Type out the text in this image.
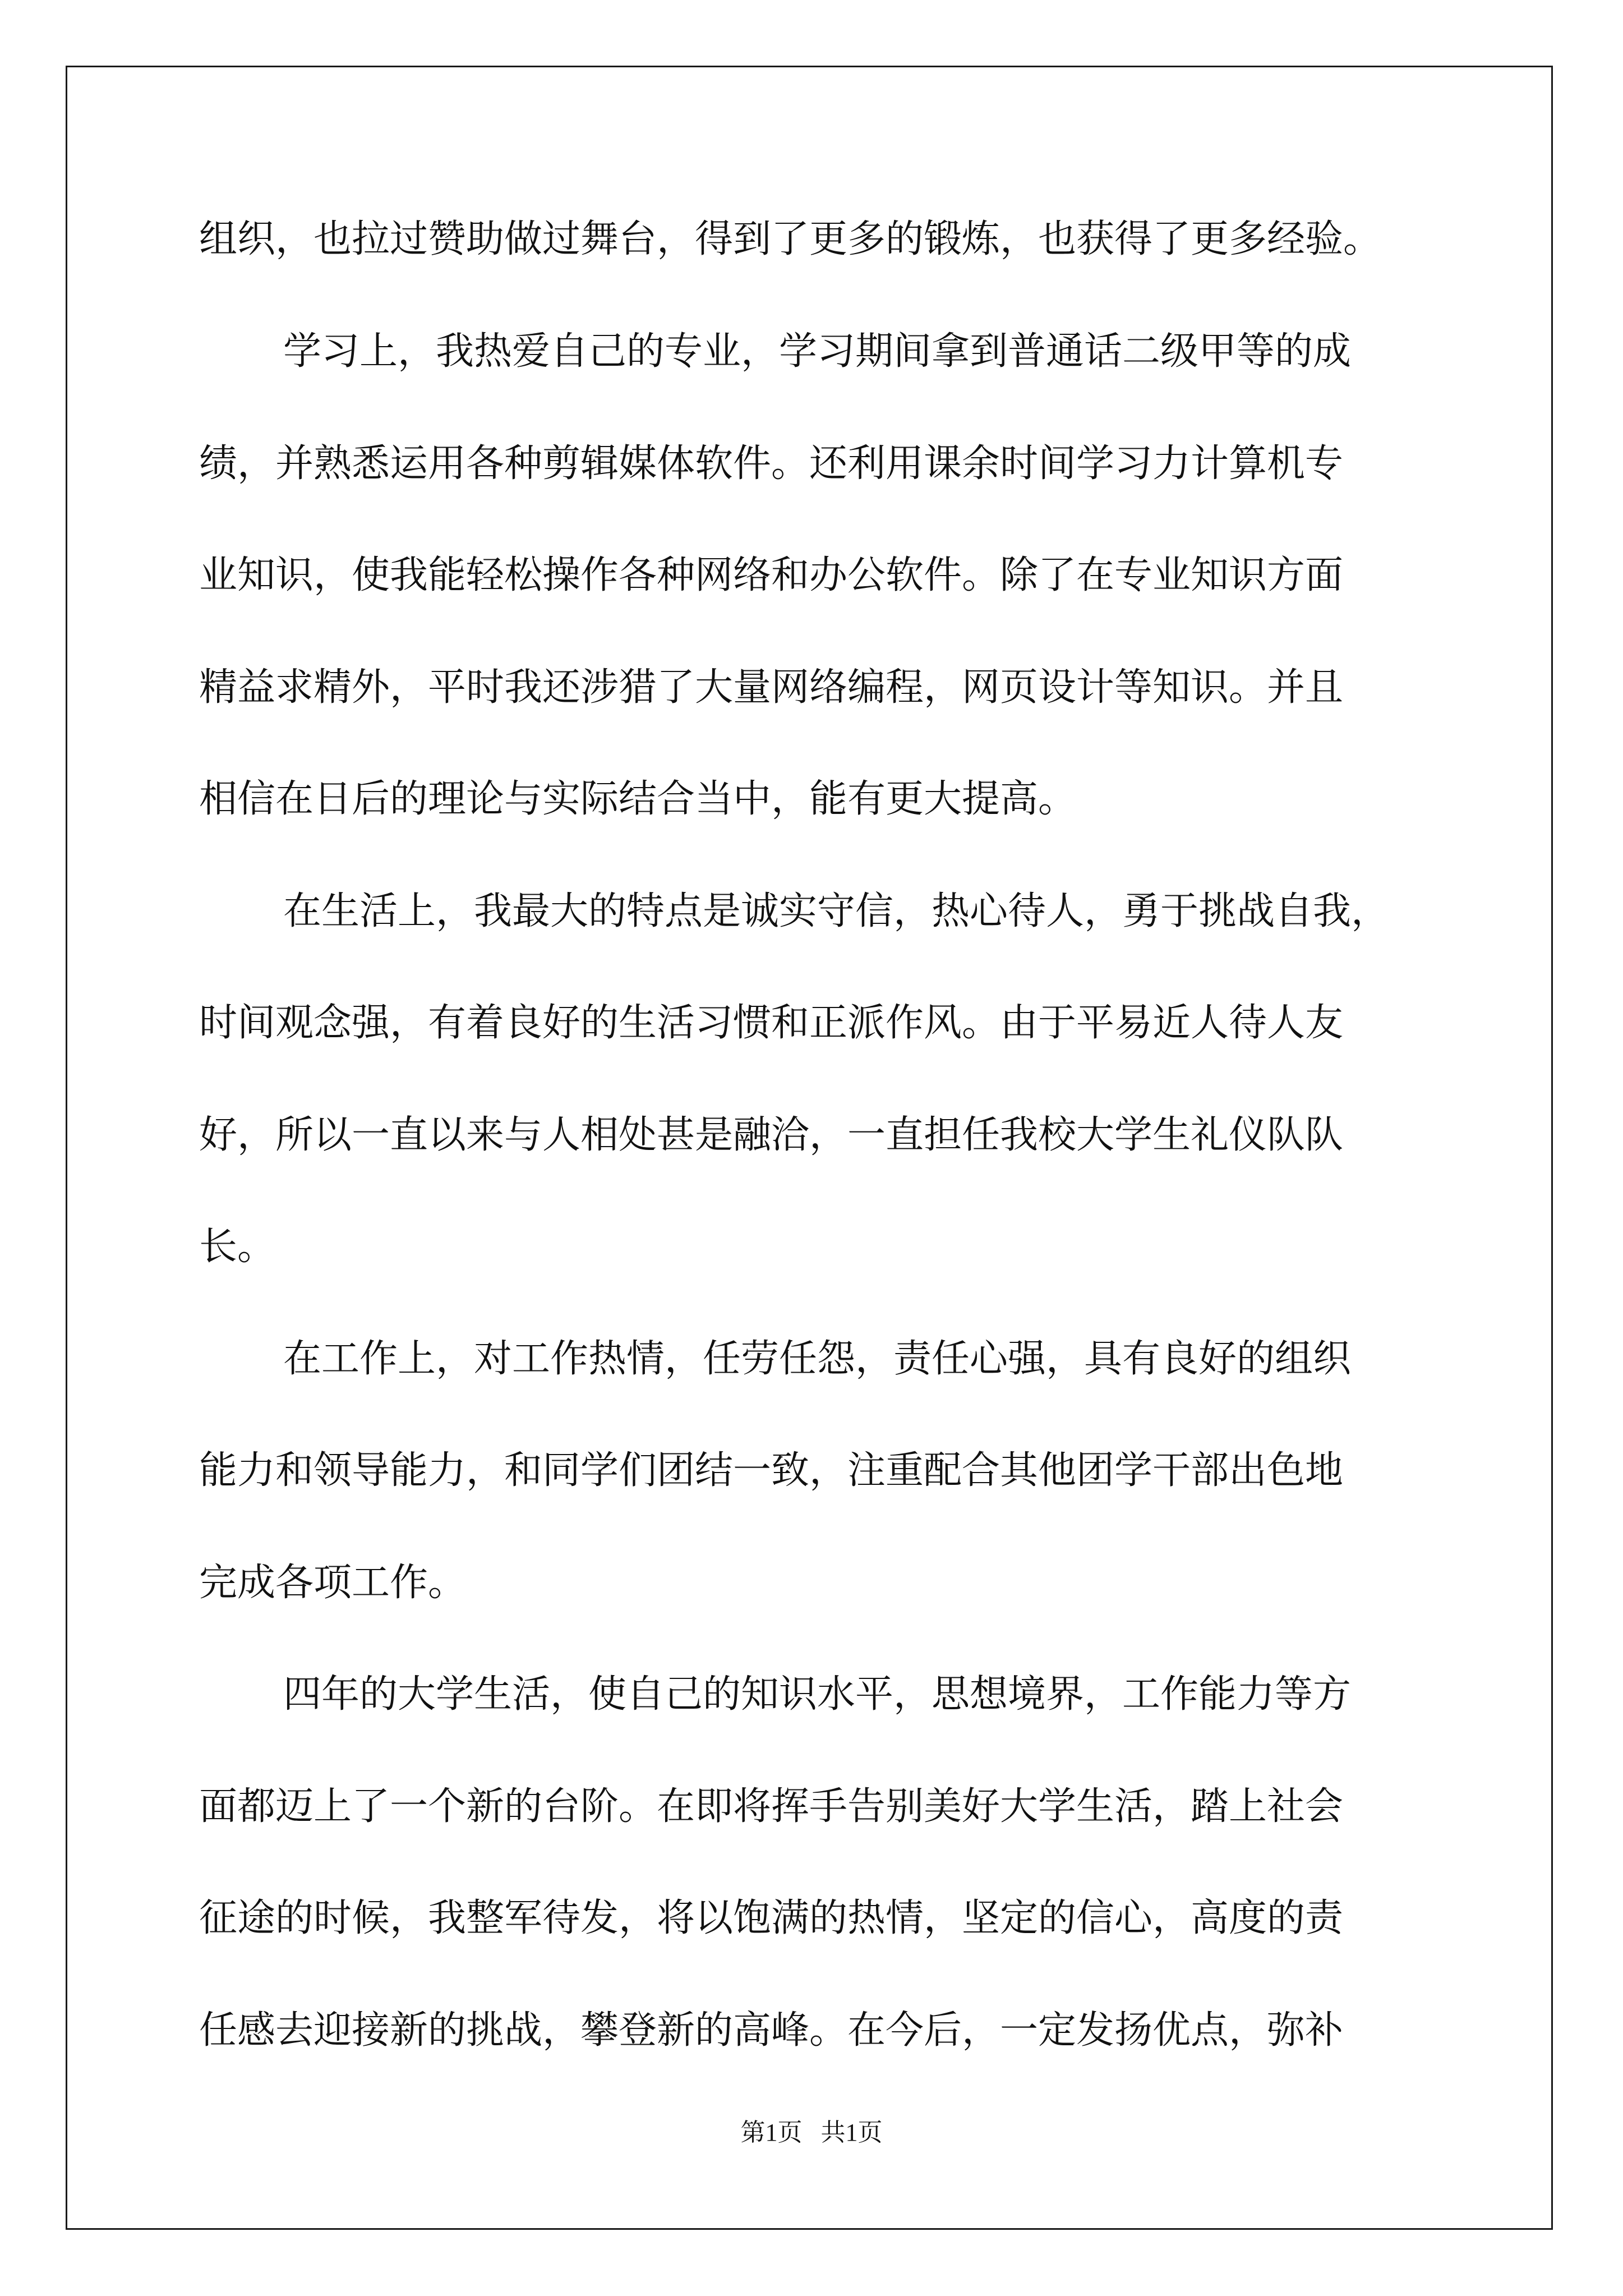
组织，也拉过赞助做过舞台，得到了更多的锻炼，也获得了更多经验。
学习上，我热爱自己的专业，学习期间拿到普通话二级甲等的成
绩，并熟悉运用各种剪辑媒体软件。还利用课余时间学习力计算机专
业知识，使我能轻松操作各种网络和办公软件。除了在专业知识方面
精益求精外，平时我还涉猎了大量网络编程，网页设计等知识。并且
相信在日后的理论与实际结合当中，能有更大提高。
在生活上，我最大的特点是诚实守信，热心待人，勇于挑战自我，
时间观念强，有着良好的生活习惯和正派作风。由于平易近人待人友
好，所以一直以来与人相处甚是融洽，一直担任我校大学生礼仪队队
长。
在工作上，对工作热情，任劳任怨，责任心强，具有良好的组织
能力和领导能力，和同学们团结一致，注重配合其他团学干部出色地
完成各项工作。
四年的大学生活，使自己的知识水平，思想境界，工作能力等方
面都迈上了一个新的台阶。在即将挥手告别美好大学生活，踏上社会
征途的时候，我整军待发，将以饱满的热情，坚定的信心，高度的责
任感去迎接新的挑战，攀登新的高峰。在今后，一定发扬优点，弥补
第1页   共1页
